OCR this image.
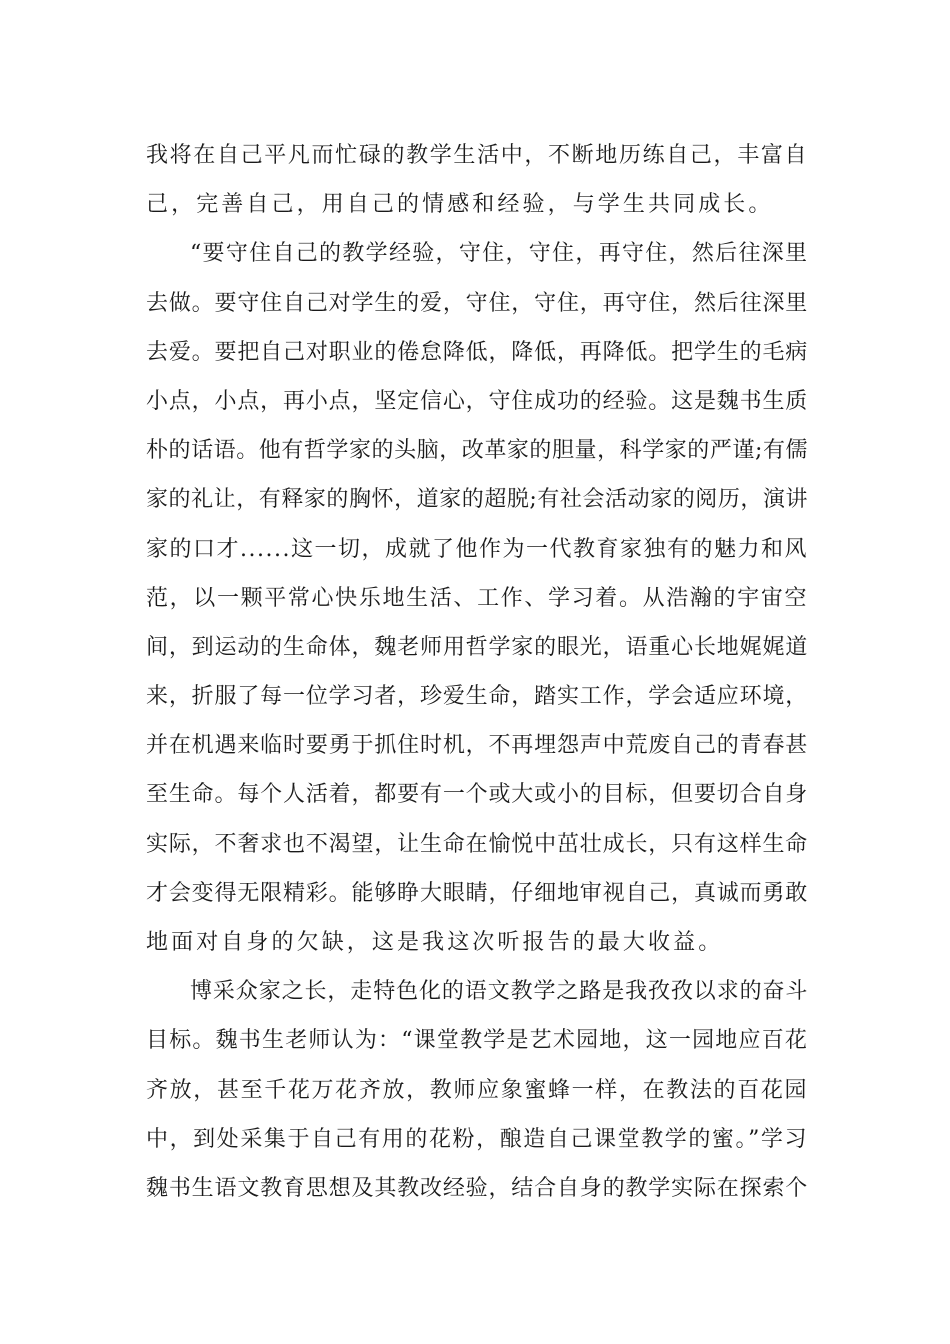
我将在自己平凡而忙碌的教学生活中，不断地历练自己，丰富自
己，完善自己，用自己的情感和经验，与学生共同成长。
“要守住自己的教学经验，守住，守住，再守住，然后往深里
去做。要守住自己对学生的爱，守住，守住，再守住，然后往深里
去爱。要把自己对职业的倦怠降低，降低，再降低。把学生的毛病
小点，小点，再小点，坚定信心，守住成功的经验。这是魏书生质
朴的话语。他有哲学家的头脑，改革家的胆量，科学家的严谨;有儒
家的礼让，有释家的胸怀，道家的超脱;有社会活动家的阅历，演讲
家的口才......这一切，成就了他作为一代教育家独有的魅力和风
范，以一颗平常心快乐地生活、工作、学习着。从浩瀚的宇宙空
间，到运动的生命体，魏老师用哲学家的眼光，语重心长地娓娓道
来，折服了每一位学习者，珍爱生命，踏实工作，学会适应环境，
并在机遇来临时要勇于抓住时机，不再埋怨声中荒废自己的青春甚
至生命。每个人活着，都要有一个或大或小的目标，但要切合自身
实际，不奢求也不渴望，让生命在愉悦中茁壮成长，只有这样生命
才会变得无限精彩。能够睁大眼睛，仔细地审视自己，真诚而勇敢
地面对自身的欠缺，这是我这次听报告的最大收益。
博采众家之长，走特色化的语文教学之路是我孜孜以求的奋斗
目标。魏书生老师认为：“课堂教学是艺术园地，这一园地应百花
齐放，甚至千花万花齐放，教师应象蜜蜂一样，在教法的百花园
中，到处采集于自己有用的花粉，酿造自己课堂教学的蜜。”学习
魏书生语文教育思想及其教改经验，结合自身的教学实际在探索个
